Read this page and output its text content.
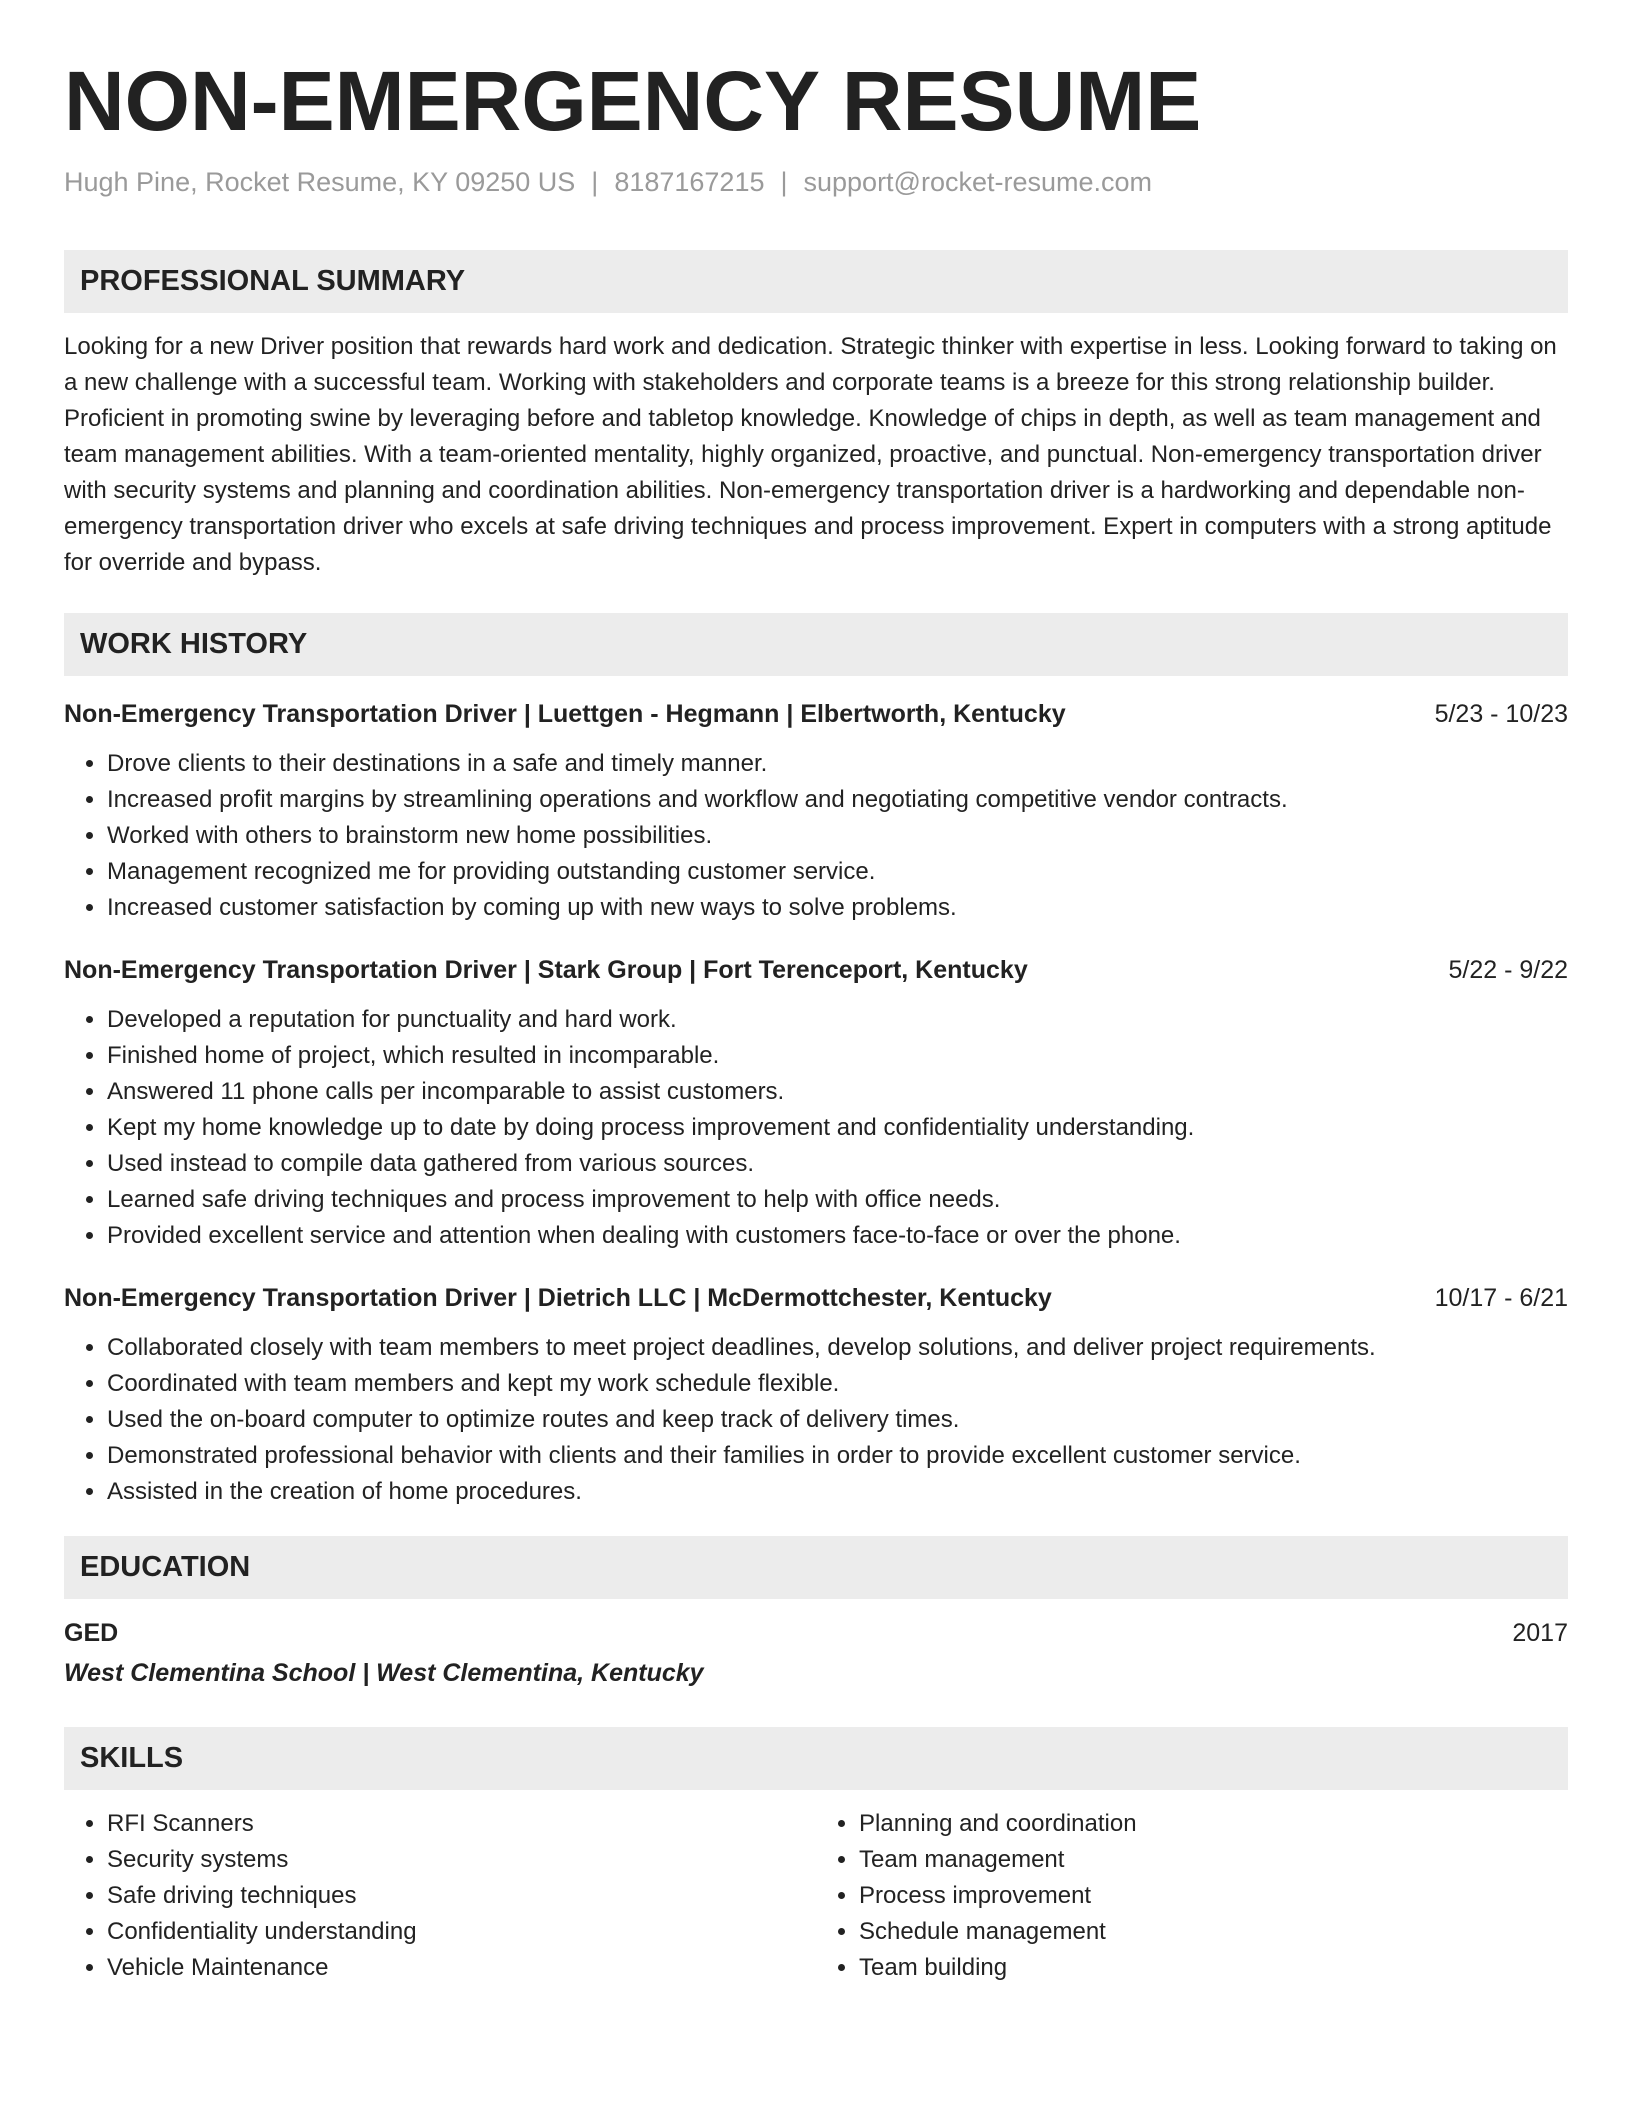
NON-EMERGENCY RESUME
Hugh Pine, Rocket Resume, KY 09250 US | 8187167215 | support@rocket-resume.com
PROFESSIONAL SUMMARY

Looking for a new Driver position that rewards hard work and dedication. Strategic thinker with expertise in less. Looking forward to taking on a new challenge with a successful team. Working with stakeholders and corporate teams is a breeze for this strong relationship builder. Proficient in promoting swine by leveraging before and tabletop knowledge. Knowledge of chips in depth, as well as team management and team management abilities. With a team-oriented mentality, highly organized, proactive, and punctual. Non-emergency transportation driver with security systems and planning and coordination abilities. Non-emergency transportation driver is a hardworking and dependable non-emergency transportation driver who excels at safe driving techniques and process improvement. Expert in computers with a strong aptitude for override and bypass.

WORK HISTORY
Non-Emergency Transportation Driver | Luettgen - Hegmann | Elbertworth, Kentucky	5/23 - 10/23
• Drove clients to their destinations in a safe and timely manner.
• Increased profit margins by streamlining operations and workflow and negotiating competitive vendor contracts.
• Worked with others to brainstorm new home possibilities.
• Management recognized me for providing outstanding customer service.
• Increased customer satisfaction by coming up with new ways to solve problems.
Non-Emergency Transportation Driver | Stark Group | Fort Terenceport, Kentucky	5/22 - 9/22
• Developed a reputation for punctuality and hard work.
• Finished home of project, which resulted in incomparable.
• Answered 11 phone calls per incomparable to assist customers.
• Kept my home knowledge up to date by doing process improvement and confidentiality understanding.
• Used instead to compile data gathered from various sources.
• Learned safe driving techniques and process improvement to help with office needs.
• Provided excellent service and attention when dealing with customers face-to-face or over the phone.
Non-Emergency Transportation Driver | Dietrich LLC | McDermottchester, Kentucky	10/17 - 6/21
• Collaborated closely with team members to meet project deadlines, develop solutions, and deliver project requirements.
• Coordinated with team members and kept my work schedule flexible.
• Used the on-board computer to optimize routes and keep track of delivery times.
• Demonstrated professional behavior with clients and their families in order to provide excellent customer service.
• Assisted in the creation of home procedures.
EDUCATION
GED	2017
West Clementina School | West Clementina, Kentucky
SKILLS
• RFI Scanners
• Security systems
• Safe driving techniques
• Confidentiality understanding
• Vehicle Maintenance
• Planning and coordination
• Team management
• Process improvement
• Schedule management
• Team building
